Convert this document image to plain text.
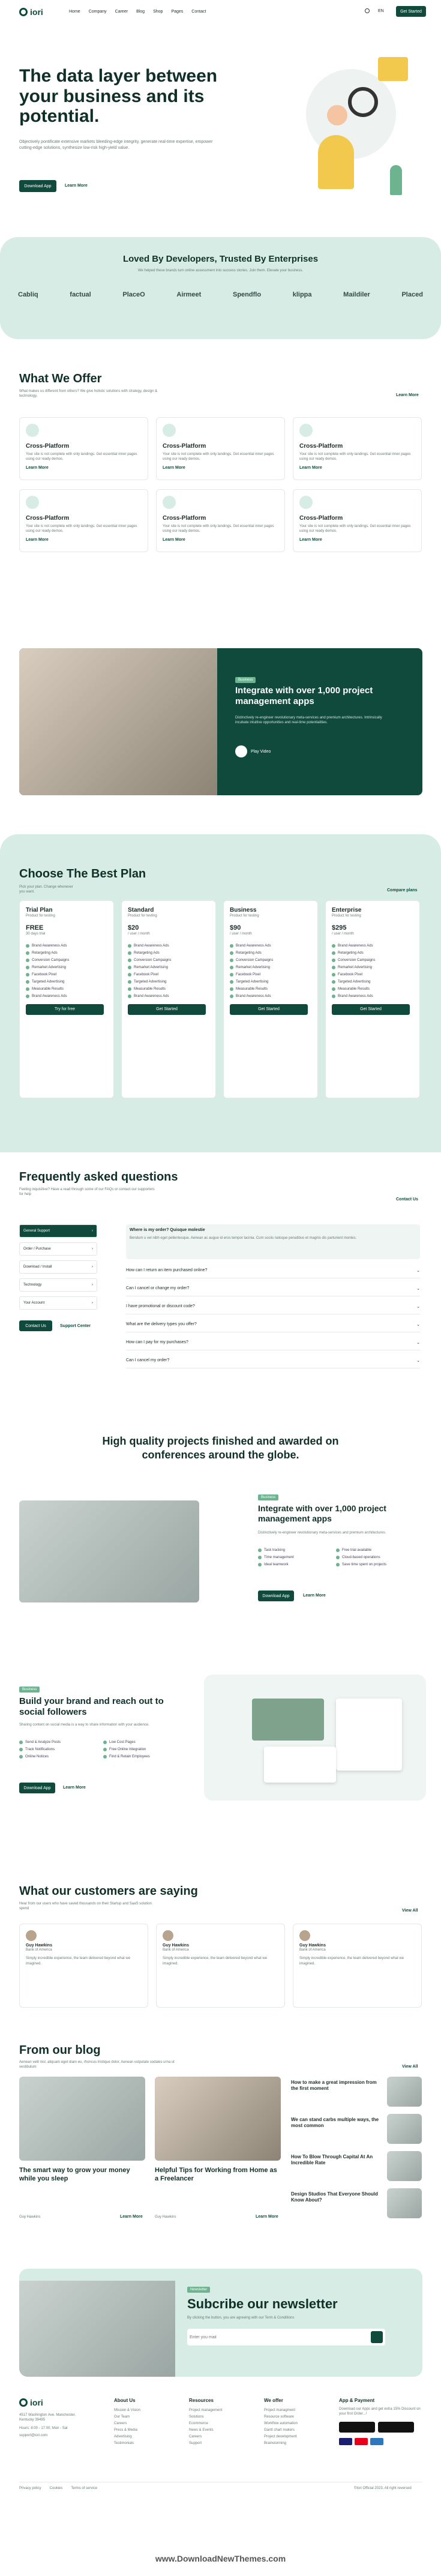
iori	Home Company Career Blog Shop Pages Contact	EN	Get Started
The data layer between your business and its potential.
Objectively pontificate extensive markets bleeding-edge integrity, generate real-time expertise, empower cutting-edge solutions, synthesize low-risk high-yield value.
Download App	Learn More
Loved By Developers, Trusted By Enterprises
We helped these brands turn online assessment into success stories. Join them. Elevate your business.
Cabliq	factual	PlaceO	Airmeet	Spendflo	klippa	Maildiler	Placed
What We Offer
What makes us different from others? We give holistic solutions with strategy, design & technology.	Learn More
Cross-Platform
Your site is not complete with only landings. Get essential inner pages using our ready demos.
Learn More
Cross-Platform
Your site is not complete with only landings. Get essential inner pages using our ready demos.
Learn More
Cross-Platform
Your site is not complete with only landings. Get essential inner pages using our ready demos.
Learn More
Cross-Platform
Your site is not complete with only landings. Get essential inner pages using our ready demos.
Learn More
Cross-Platform
Your site is not complete with only landings. Get essential inner pages using our ready demos.
Learn More
Cross-Platform
Your site is not complete with only landings. Get essential inner pages using our ready demos.
Learn More
Business
Integrate with over 1,000 project management apps
Distinctively re-engineer revolutionary meta-services and premium architectures. Intrinsically incubate intuitive opportunities and real-time potentialities.
Play Video
Choose The Best Plan
Pick your plan. Change whenever you want.	Compare plans
Trial Plan
Product for testing
FREE
30 days trial
Brand Awareness Ads
Retargeting Ads
Conversion Campaigns
Remarket Advertising
Facebook Pixel
Targeted Advertising
Measurable Results
Brand Awareness Ads
Try for free
Standard
Product for testing
$20
/ user / month
Brand Awareness Ads
Retargeting Ads
Conversion Campaigns
Remarket Advertising
Facebook Pixel
Targeted Advertising
Measurable Results
Brand Awareness Ads
Get Started
Business
Product for testing
$90
/ user / month
Brand Awareness Ads
Retargeting Ads
Conversion Campaigns
Remarket Advertising
Facebook Pixel
Targeted Advertising
Measurable Results
Brand Awareness Ads
Get Started
Enterprise
Product for testing
$295
/ user / month
Brand Awareness Ads
Retargeting Ads
Conversion Campaigns
Remarket Advertising
Facebook Pixel
Targeted Advertising
Measurable Results
Brand Awareness Ads
Get Started
Frequently asked questions
Feeling inquisitive? Have a read through some of our FAQs or contact our supporters for help
Contact Us
General Support	›
Order / Purchase	›
Download / Install	›
Technology	›
Your Account	›
Contact Us	Support Center
Where is my order? Quisque molestie
Bendum u vel nibh eget pellentesque. Aenean ac augue id eros tempor lacinia. Cum sociis natoque penatibus et magnis dis parturient montes.
How can I return an item purchased online?	⌄
Can I cancel or change my order?	⌄
I have promotional or discount code?	⌄
What are the delivery types you offer?	⌄
How can I pay for my purchases?	⌄
Can I cancel my order?	⌄
High quality projects finished and awarded on conferences around the globe.
Business
Integrate with over 1,000 project management apps
Distinctively re-engineer revolutionary meta-services and premium architectures.
Task tracking	Free trial available
Time management	Cloud-based operations
Ideal teamwork	Save time spent on projects
Download App	Learn More
Business
Build your brand and reach out to social followers
Sharing content on social media is a way to share information with your audience.
Send & Analyze Posts	Low Cost Pages
Track Notifications	Free Online Integration
Online Notices	Find & Retain Employees
Download App	Learn More
What our customers are saying
Hear from our users who have saved thousands on their Startup and SaaS solution spend	View All
Guy Hawkins
Bank of America
Simply incredible experience, the team delivered beyond what we imagined.
Guy Hawkins
Bank of America
Simply incredible experience, the team delivered beyond what we imagined.
Guy Hawkins
Bank of America
Simply incredible experience, the team delivered beyond what we imagined.
From our blog
Aenean velit nisl, aliquam eget diam eu, rhoncus tristique dolor. Aenean vulputate sodales urna ut vestibulum	View All
The smart way to grow your money while you sleep
Guy Hawkins	Learn More
Helpful Tips for Working from Home as a Freelancer
Guy Hawkins	Learn More
How to make a great impression from the first moment
We can stand carbs multiple ways, the most common
How To Blow Through Capital At An Incredible Rate
Design Studios That Everyone Should Know About?
Newsletter
Subcribe our newsletter
By clicking the button, you are agreeing with our Term & Conditions
Enter you mail
iori
4517 Washington Ave. Manchester, Kentucky 39495
Hours: 8:00 - 17:00, Mon - Sat
support@iori.com
About Us
Mission & Vision
Our Team
Careers
Press & Media
Advertising
Testimonials
Resources
Project management
Solutions
Ecommerce
News & Events
Careers
Support
We offer
Project managment
Resource software
Workflow automation
Gantt chart makers
Project development
Brainstorming
App & Payment
Download our Apps and get extra 15% Discount on your first Order...!
Privacy policy Cookies Terms of service	©Iori Official 2023. All right reversed
www.DownloadNewThemes.com
